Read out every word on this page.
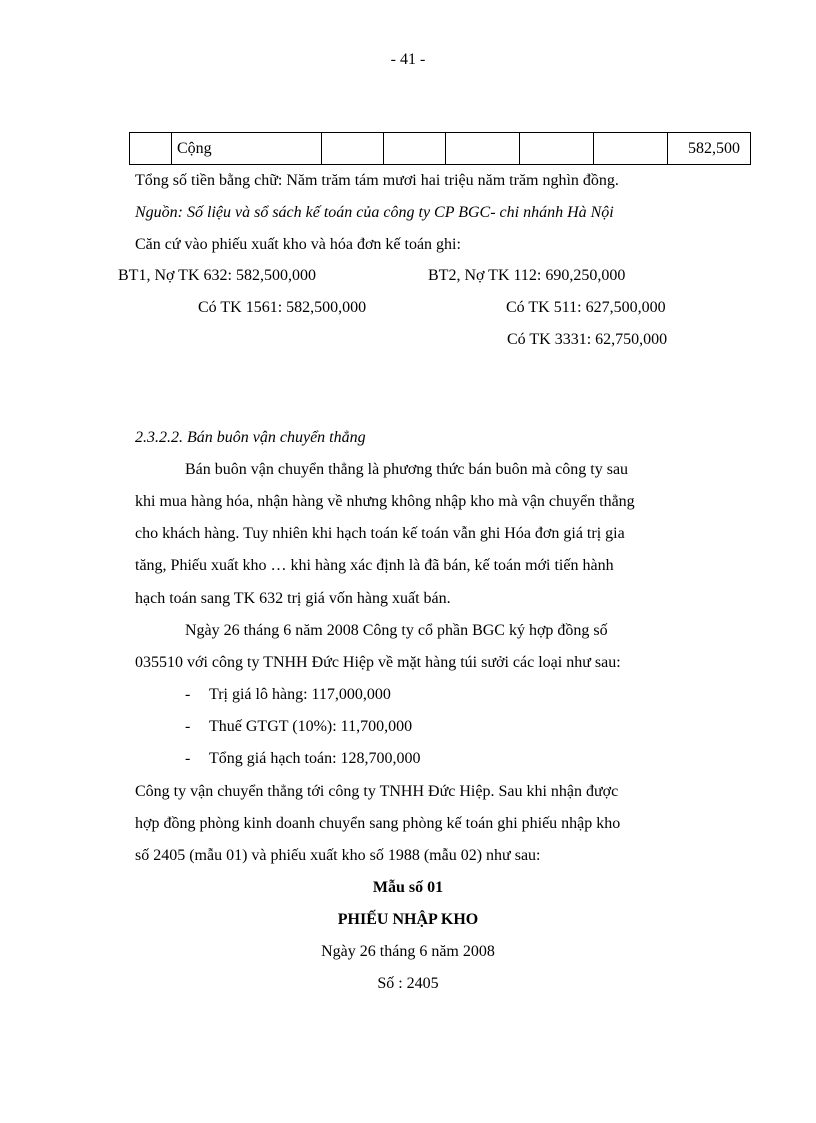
- 41 -
	Cộng						582,500
Tổng số tiền bằng chữ: Năm trăm tám mươi hai triệu năm trăm nghìn đồng.
Nguồn: Số liệu và sổ sách kế toán của công ty CP BGC- chi nhánh Hà Nội
Căn cứ vào phiếu xuất kho và hóa đơn kế toán ghi:
BT1, Nợ TK 632: 582,500,000	BT2, Nợ TK 112: 690,250,000
Có TK 1561: 582,500,000	Có TK 511: 627,500,000
Có TK 3331: 62,750,000
2.3.2.2. Bán buôn vận chuyển thẳng
Bán buôn vận chuyển thẳng là phương thức bán buôn mà công ty sau
khi mua hàng hóa, nhận hàng về nhưng không nhập kho mà vận chuyển thẳng
cho khách hàng. Tuy nhiên khi hạch toán kế toán vẫn ghi Hóa đơn giá trị gia
tăng, Phiếu xuất kho … khi hàng xác định là đã bán, kế toán mới tiến hành
hạch toán sang TK 632 trị giá vốn hàng xuất bán.
Ngày 26 tháng 6 năm 2008 Công ty cổ phần BGC ký hợp đồng số
035510 với công ty TNHH Đức Hiệp về mặt hàng túi sưởi các loại như sau:
- Trị giá lô hàng: 117,000,000
- Thuế GTGT (10%): 11,700,000
- Tổng giá hạch toán: 128,700,000
Công ty vận chuyển thẳng tới công ty TNHH Đức Hiệp. Sau khi nhận được
hợp đồng phòng kinh doanh chuyển sang phòng kế toán ghi phiếu nhập kho
số 2405 (mẫu 01) và phiếu xuất kho số 1988 (mẫu 02) như sau:
Mẫu số 01
PHIẾU NHẬP KHO
Ngày 26 tháng 6 năm 2008
Số : 2405
